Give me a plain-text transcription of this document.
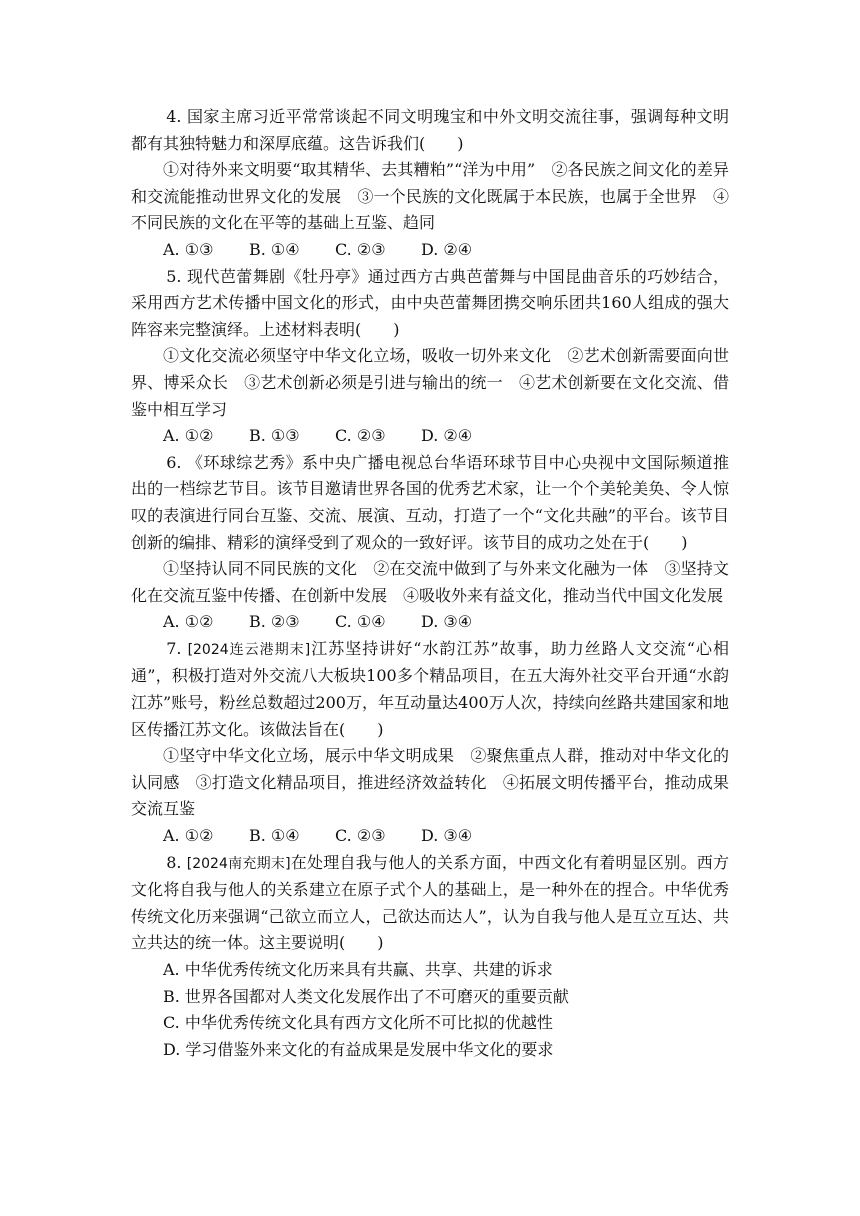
4. 国家主席习近平常常谈起不同文明瑰宝和中外文明交流往事，强调每种文明都有其独特魅力和深厚底蕴。这告诉我们(　　)

①对待外来文明要“取其精华、去其糟粕”“洋为中用”　②各民族之间文化的差异和交流能推动世界文化的发展　③一个民族的文化既属于本民族，也属于全世界　④不同民族的文化在平等的基础上互鉴、趋同

A. ①③ B. ①④ C. ②③ D. ②④

5. 现代芭蕾舞剧《牡丹亭》通过西方古典芭蕾舞与中国昆曲音乐的巧妙结合，采用西方艺术传播中国文化的形式，由中央芭蕾舞团携交响乐团共160人组成的强大阵容来完整演绎。上述材料表明(　　)

①文化交流必须坚守中华文化立场，吸收一切外来文化　②艺术创新需要面向世界、博采众长　③艺术创新必须是引进与输出的统一　④艺术创新要在文化交流、借鉴中相互学习

A. ①② B. ①③ C. ②③ D. ②④

6. 《环球综艺秀》系中央广播电视总台华语环球节目中心央视中文国际频道推出的一档综艺节目。该节目邀请世界各国的优秀艺术家，让一个个美轮美奂、令人惊叹的表演进行同台互鉴、交流、展演、互动，打造了一个“文化共融”的平台。该节目创新的编排、精彩的演绎受到了观众的一致好评。该节目的成功之处在于(　　)

①坚持认同不同民族的文化　②在交流中做到了与外来文化融为一体　③坚持文化在交流互鉴中传播、在创新中发展　④吸收外来有益文化，推动当代中国文化发展

A. ①② B. ②③ C. ①④ D. ③④

7. [2024连云港期末]江苏坚持讲好“水韵江苏”故事，助力丝路人文交流“心相通”，积极打造对外交流八大板块100多个精品项目，在五大海外社交平台开通“水韵江苏”账号，粉丝总数超过200万，年互动量达400万人次，持续向丝路共建国家和地区传播江苏文化。该做法旨在(　　)

①坚守中华文化立场，展示中华文明成果　②聚焦重点人群，推动对中华文化的认同感　③打造文化精品项目，推进经济效益转化　④拓展文明传播平台，推动成果交流互鉴

A. ①② B. ①④ C. ②③ D. ③④

8. [2024南充期末]在处理自我与他人的关系方面，中西文化有着明显区别。西方文化将自我与他人的关系建立在原子式个人的基础上，是一种外在的捏合。中华优秀传统文化历来强调“己欲立而立人，己欲达而达人”，认为自我与他人是互立互达、共立共达的统一体。这主要说明(　　)

A. 中华优秀传统文化历来具有共赢、共享、共建的诉求

B. 世界各国都对人类文化发展作出了不可磨灭的重要贡献

C. 中华优秀传统文化具有西方文化所不可比拟的优越性

D. 学习借鉴外来文化的有益成果是发展中华文化的要求
